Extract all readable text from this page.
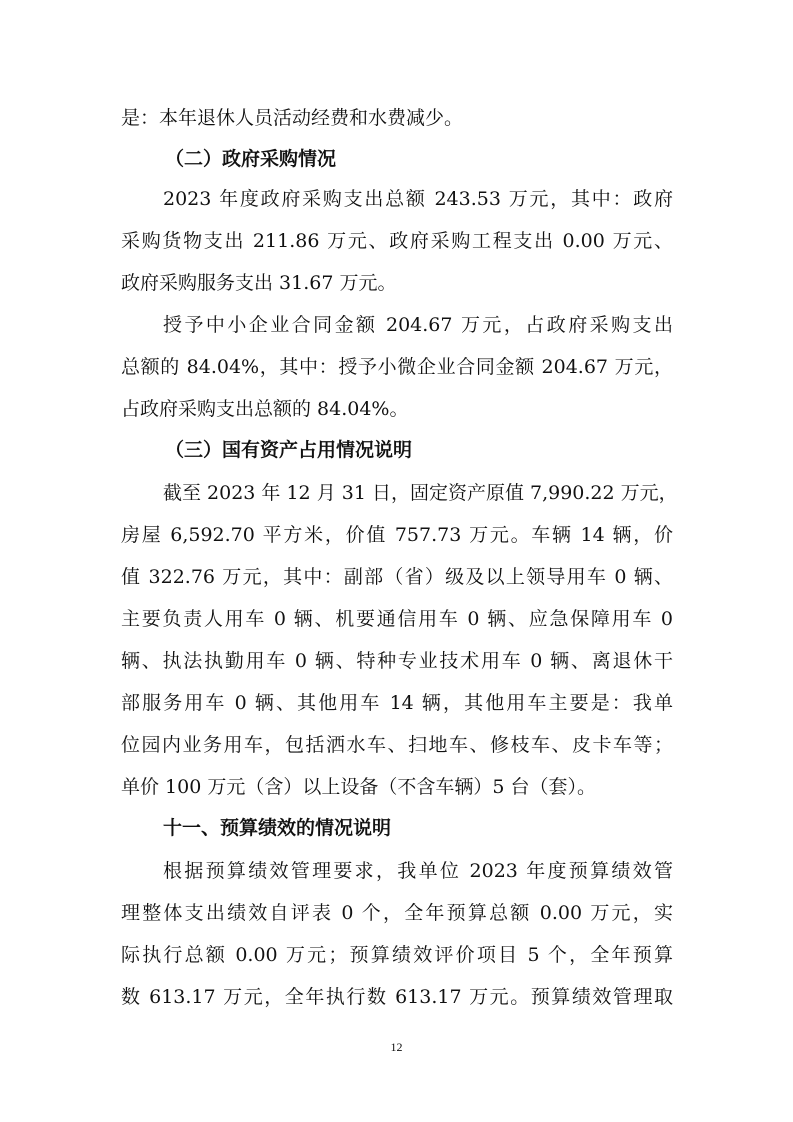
是：本年退休人员活动经费和水费减少。
（二）政府采购情况
2023 年度政府采购支出总额 243.53 万元，其中：政府
采购货物支出 211.86 万元、政府采购工程支出 0.00 万元、
政府采购服务支出 31.67 万元。
授予中小企业合同金额 204.67 万元，占政府采购支出
总额的 84.04%，其中：授予小微企业合同金额 204.67 万元，
占政府采购支出总额的 84.04%。
（三）国有资产占用情况说明
截至 2023 年 12 月 31 日，固定资产原值 7,990.22 万元，
房屋 6,592.70 平方米，价值 757.73 万元。车辆 14 辆，价
值 322.76 万元，其中：副部（省）级及以上领导用车 0 辆、
主要负责人用车 0 辆、机要通信用车 0 辆、应急保障用车 0
辆、执法执勤用车 0 辆、特种专业技术用车 0 辆、离退休干
部服务用车 0 辆、其他用车 14 辆，其他用车主要是：我单
位园内业务用车，包括洒水车、扫地车、修枝车、皮卡车等；
单价 100 万元（含）以上设备（不含车辆）5 台（套）。
十一、预算绩效的情况说明
根据预算绩效管理要求，我单位 2023 年度预算绩效管
理整体支出绩效自评表 0 个，全年预算总额 0.00 万元，实
际执行总额 0.00 万元；预算绩效评价项目 5 个，全年预算
数 613.17 万元，全年执行数 613.17 万元。预算绩效管理取
12
